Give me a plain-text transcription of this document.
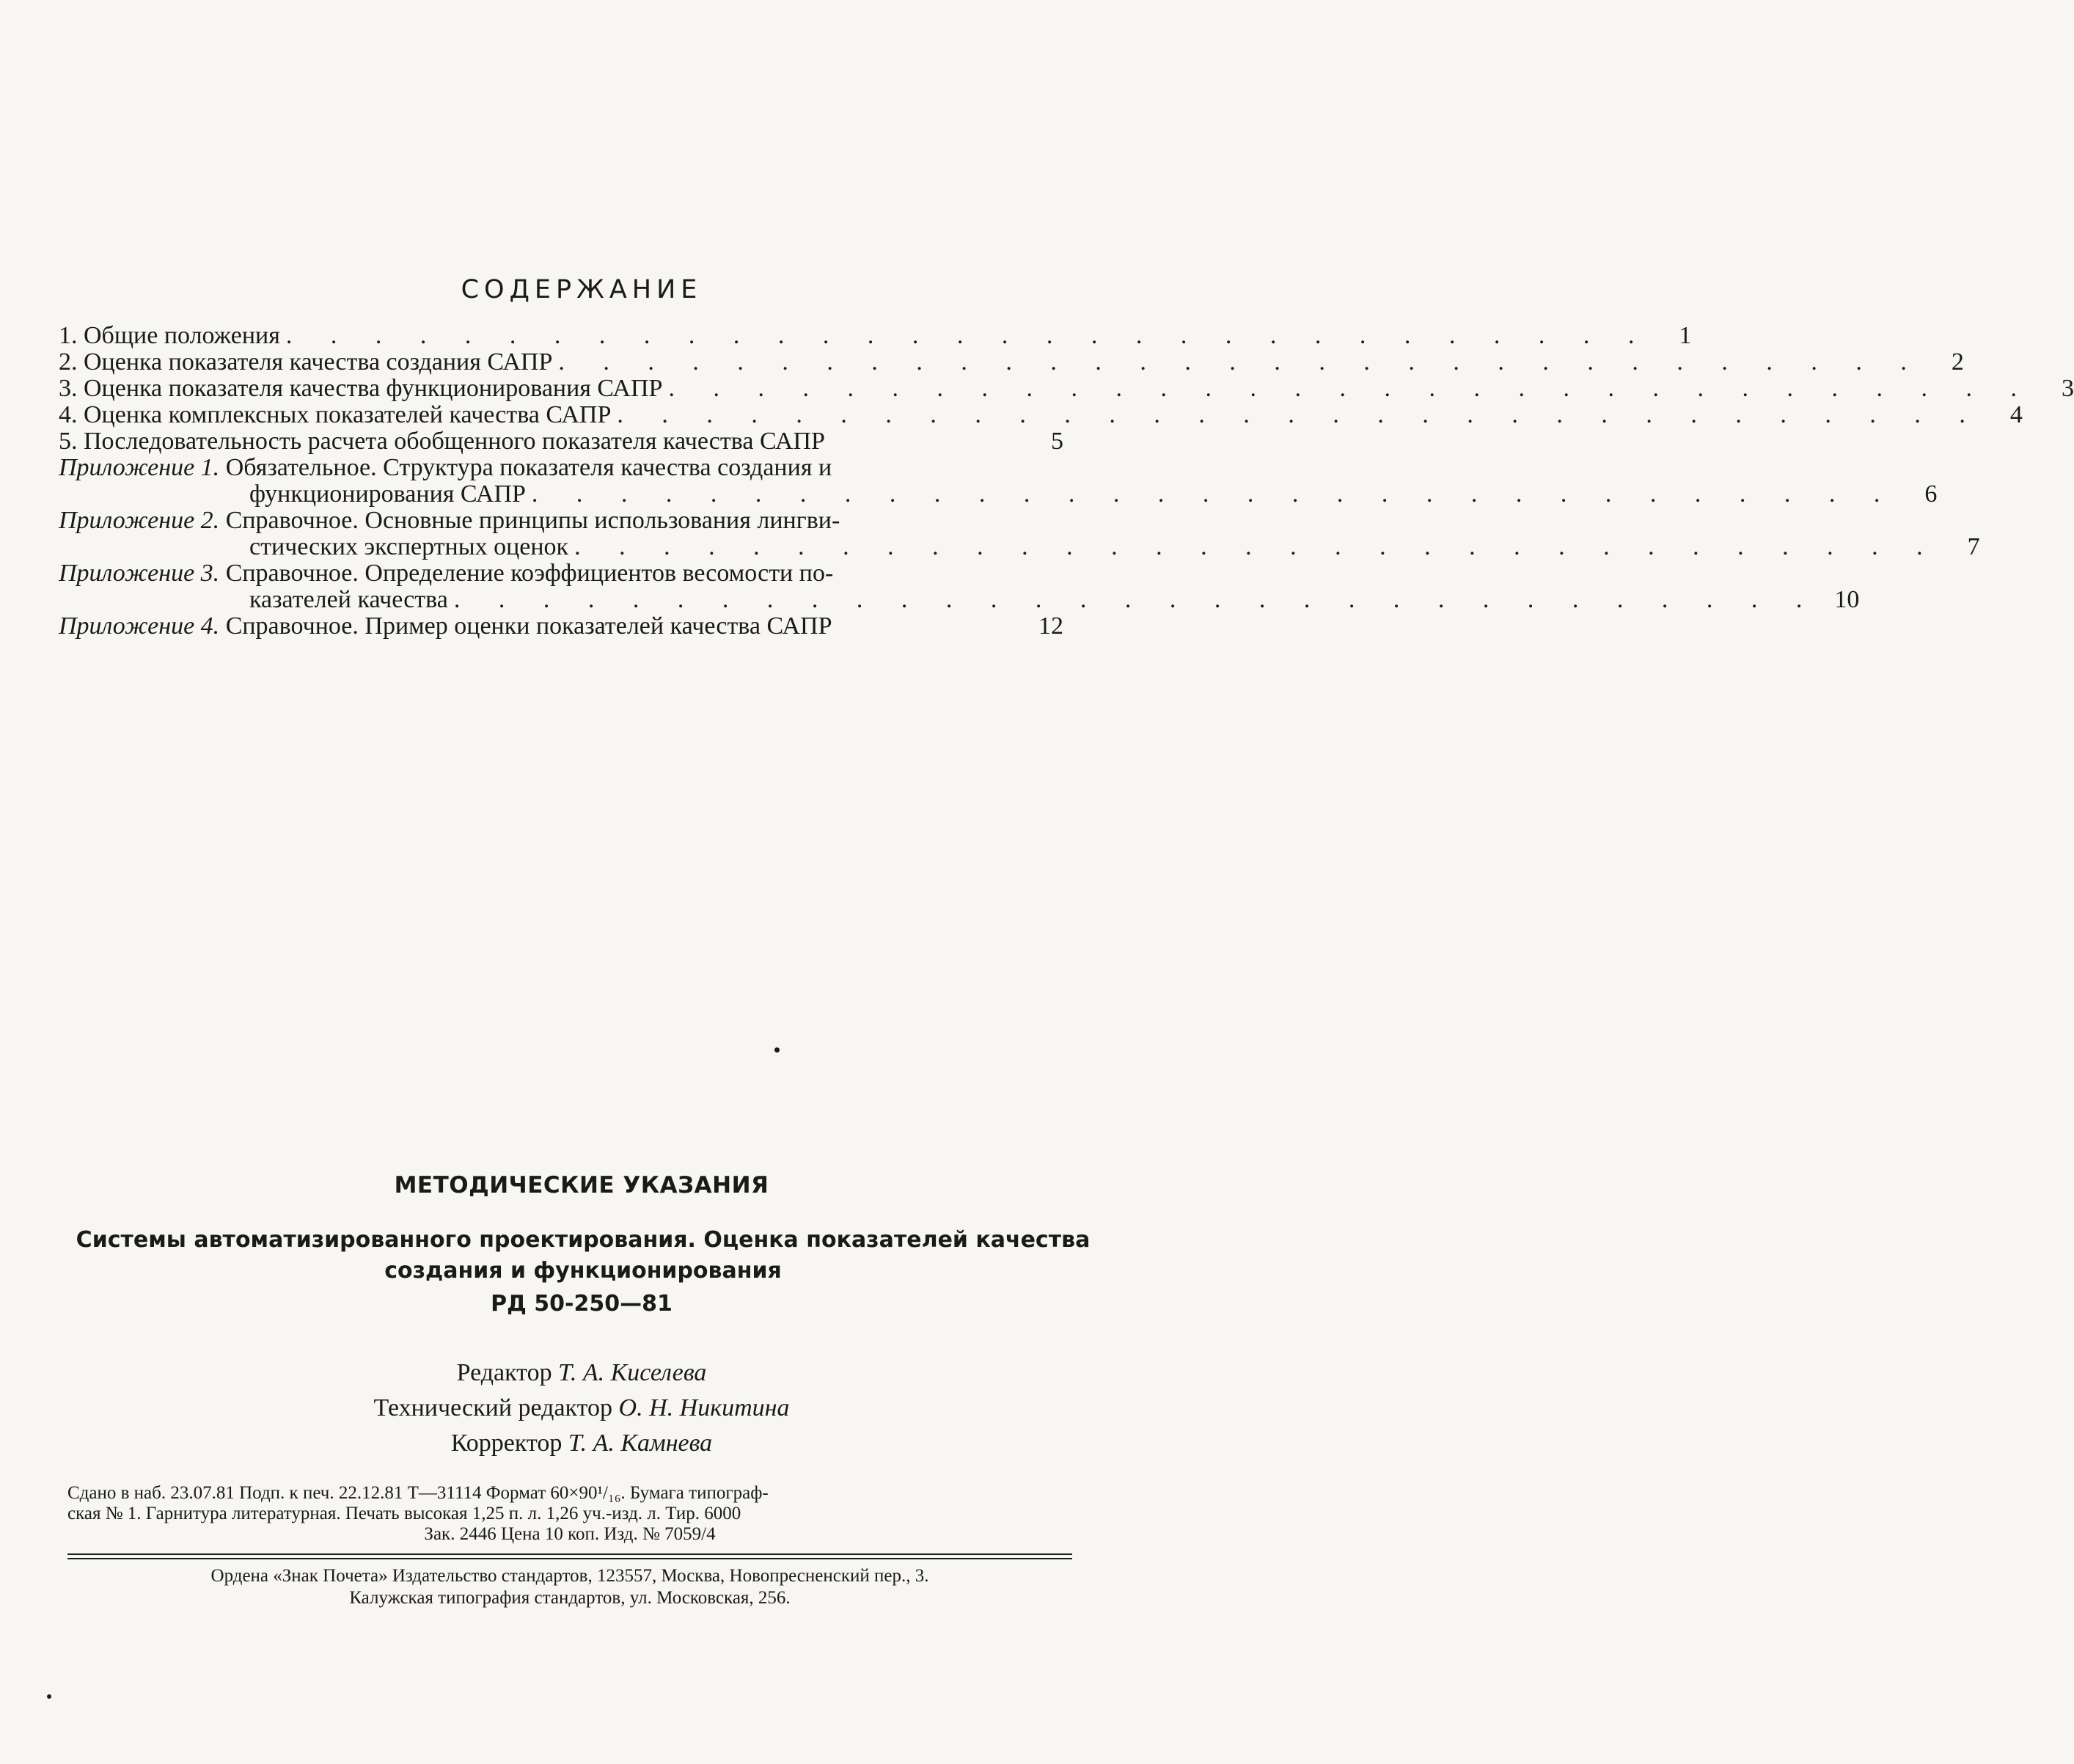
СОДЕРЖАНИЕ
1. Общие положения . . . . . . . . . . . . . . . . . . . . . . . . . . . . . . .	1
2. Оценка показателя качества создания САПР . . . . . . . . . . . . . . . . . . . . . . . . . . . . . . .	2
3. Оценка показателя качества функционирования САПР . . . . . . . . . . . . . . . . . . . . . . . . . . . . . . .	3
4. Оценка комплексных показателей качества САПР . . . . . . . . . . . . . . . . . . . . . . . . . . . . . . .	4
5. Последовательность расчета обобщенного показателя качества САПР	5
Приложение 1.
Обязательное. Структура показателя качества создания и
функционирования САПР . . . . . . . . . . . . . . . . . . . . . . . . . . . . . . .	6
Приложение 2.
Справочное. Основные принципы использования лингви-
стических экспертных оценок . . . . . . . . . . . . . . . . . . . . . . . . . . . . . . .	7
Приложение 3.
Справочное. Определение коэффициентов весомости по-
казателей качества . . . . . . . . . . . . . . . . . . . . . . . . . . . . . . . 10
Приложение 4. Справочное. Пример оценки показателей качества САПР	12
МЕТОДИЧЕСКИЕ УКАЗАНИЯ
Системы автоматизированного проектирования. Оценка показателей качества
создания и функционирования
РД 50-250—81
Редактор Т. А. Киселева
Технический редактор О. Н. Никитина
Корректор Т. А. Камнева
Сдано в наб. 23.07.81 Подп. к печ. 22.12.81 Т—31114 Формат 60×90¹/₁₆. Бумага типограф-
ская № 1. Гарнитура литературная. Печать высокая 1,25 п. л. 1,26 уч.-изд. л. Тир. 6000
Зак. 2446 Цена 10 коп. Изд. № 7059/4
Ордена «Знак Почета» Издательство стандартов, 123557, Москва, Новопресненский пер., 3.
Калужская типография стандартов, ул. Московская, 256.
